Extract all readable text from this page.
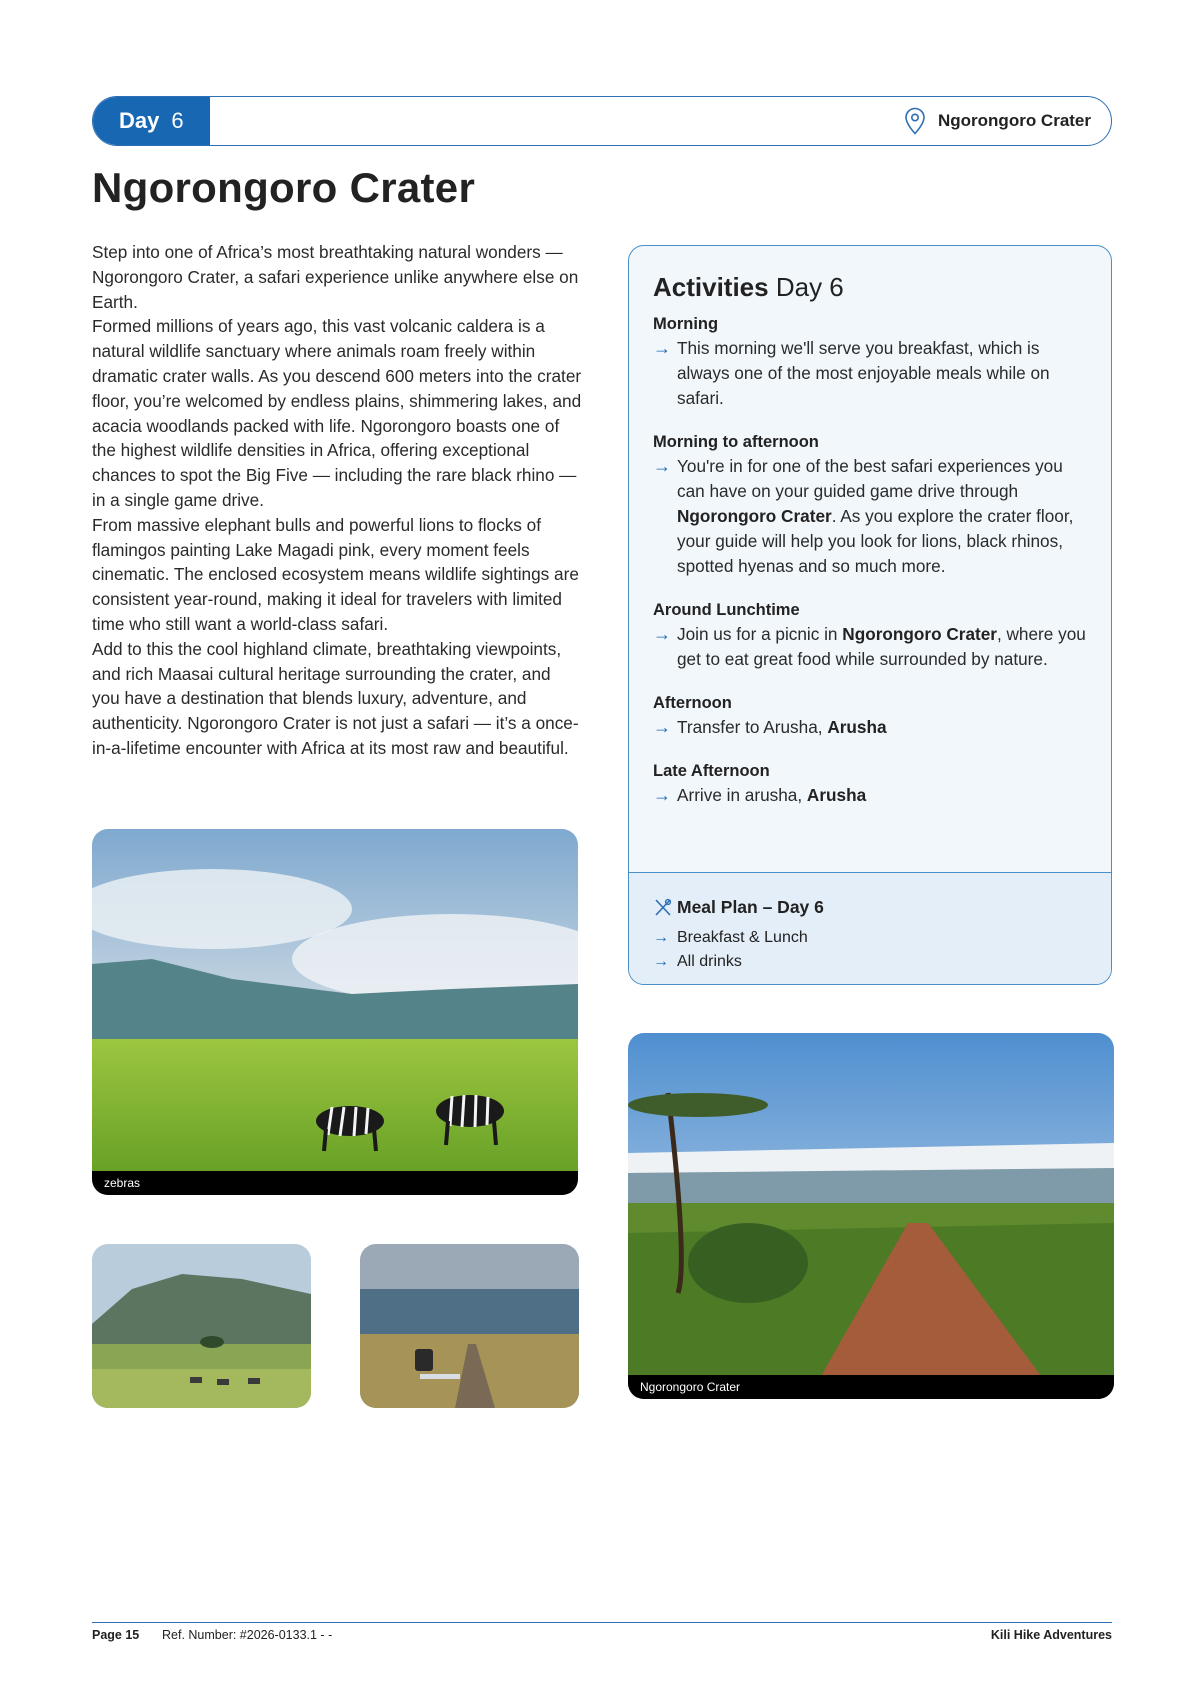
Day 6	Ngorongoro Crater
Ngorongoro Crater

Step into one of Africa’s most breathtaking natural wonders — Ngorongoro Crater, a safari experience unlike anywhere else on Earth.

Formed millions of years ago, this vast volcanic caldera is a natural wildlife sanctuary where animals roam freely within dramatic crater walls. As you descend 600 meters into the crater floor, you’re welcomed by endless plains, shimmering lakes, and acacia woodlands packed with life. Ngorongoro boasts one of the highest wildlife densities in Africa, offering exceptional chances to spot the Big Five — including the rare black rhino — in a single game drive.

From massive elephant bulls and powerful lions to flocks of flamingos painting Lake Magadi pink, every moment feels cinematic. The enclosed ecosystem means wildlife sightings are consistent year-round, making it ideal for travelers with limited time who still want a world-class safari.

Add to this the cool highland climate, breathtaking viewpoints, and rich Maasai cultural heritage surrounding the crater, and you have a destination that blends luxury, adventure, and authenticity. Ngorongoro Crater is not just a safari — it’s a once-in-a-lifetime encounter with Africa at its most raw and beautiful.

Activities Day 6
Morning
→ This morning we'll serve you breakfast, which is always one of the most enjoyable meals while on safari.
Morning to afternoon
→ You're in for one of the best safari experiences you can have on your guided game drive through Ngorongoro Crater. As you explore the crater floor, your guide will help you look for lions, black rhinos, spotted hyenas and so much more.
Around Lunchtime
→ Join us for a picnic in Ngorongoro Crater, where you get to eat great food while surrounded by nature.
Afternoon
→ Transfer to Arusha, Arusha
Late Afternoon
→ Arrive in arusha, Arusha
Meal Plan – Day 6
→ Breakfast & Lunch
→ All drinks
zebras
Ngorongoro Crater
Page 15 Ref. Number: #2026-0133.1 - -	Kili Hike Adventures
